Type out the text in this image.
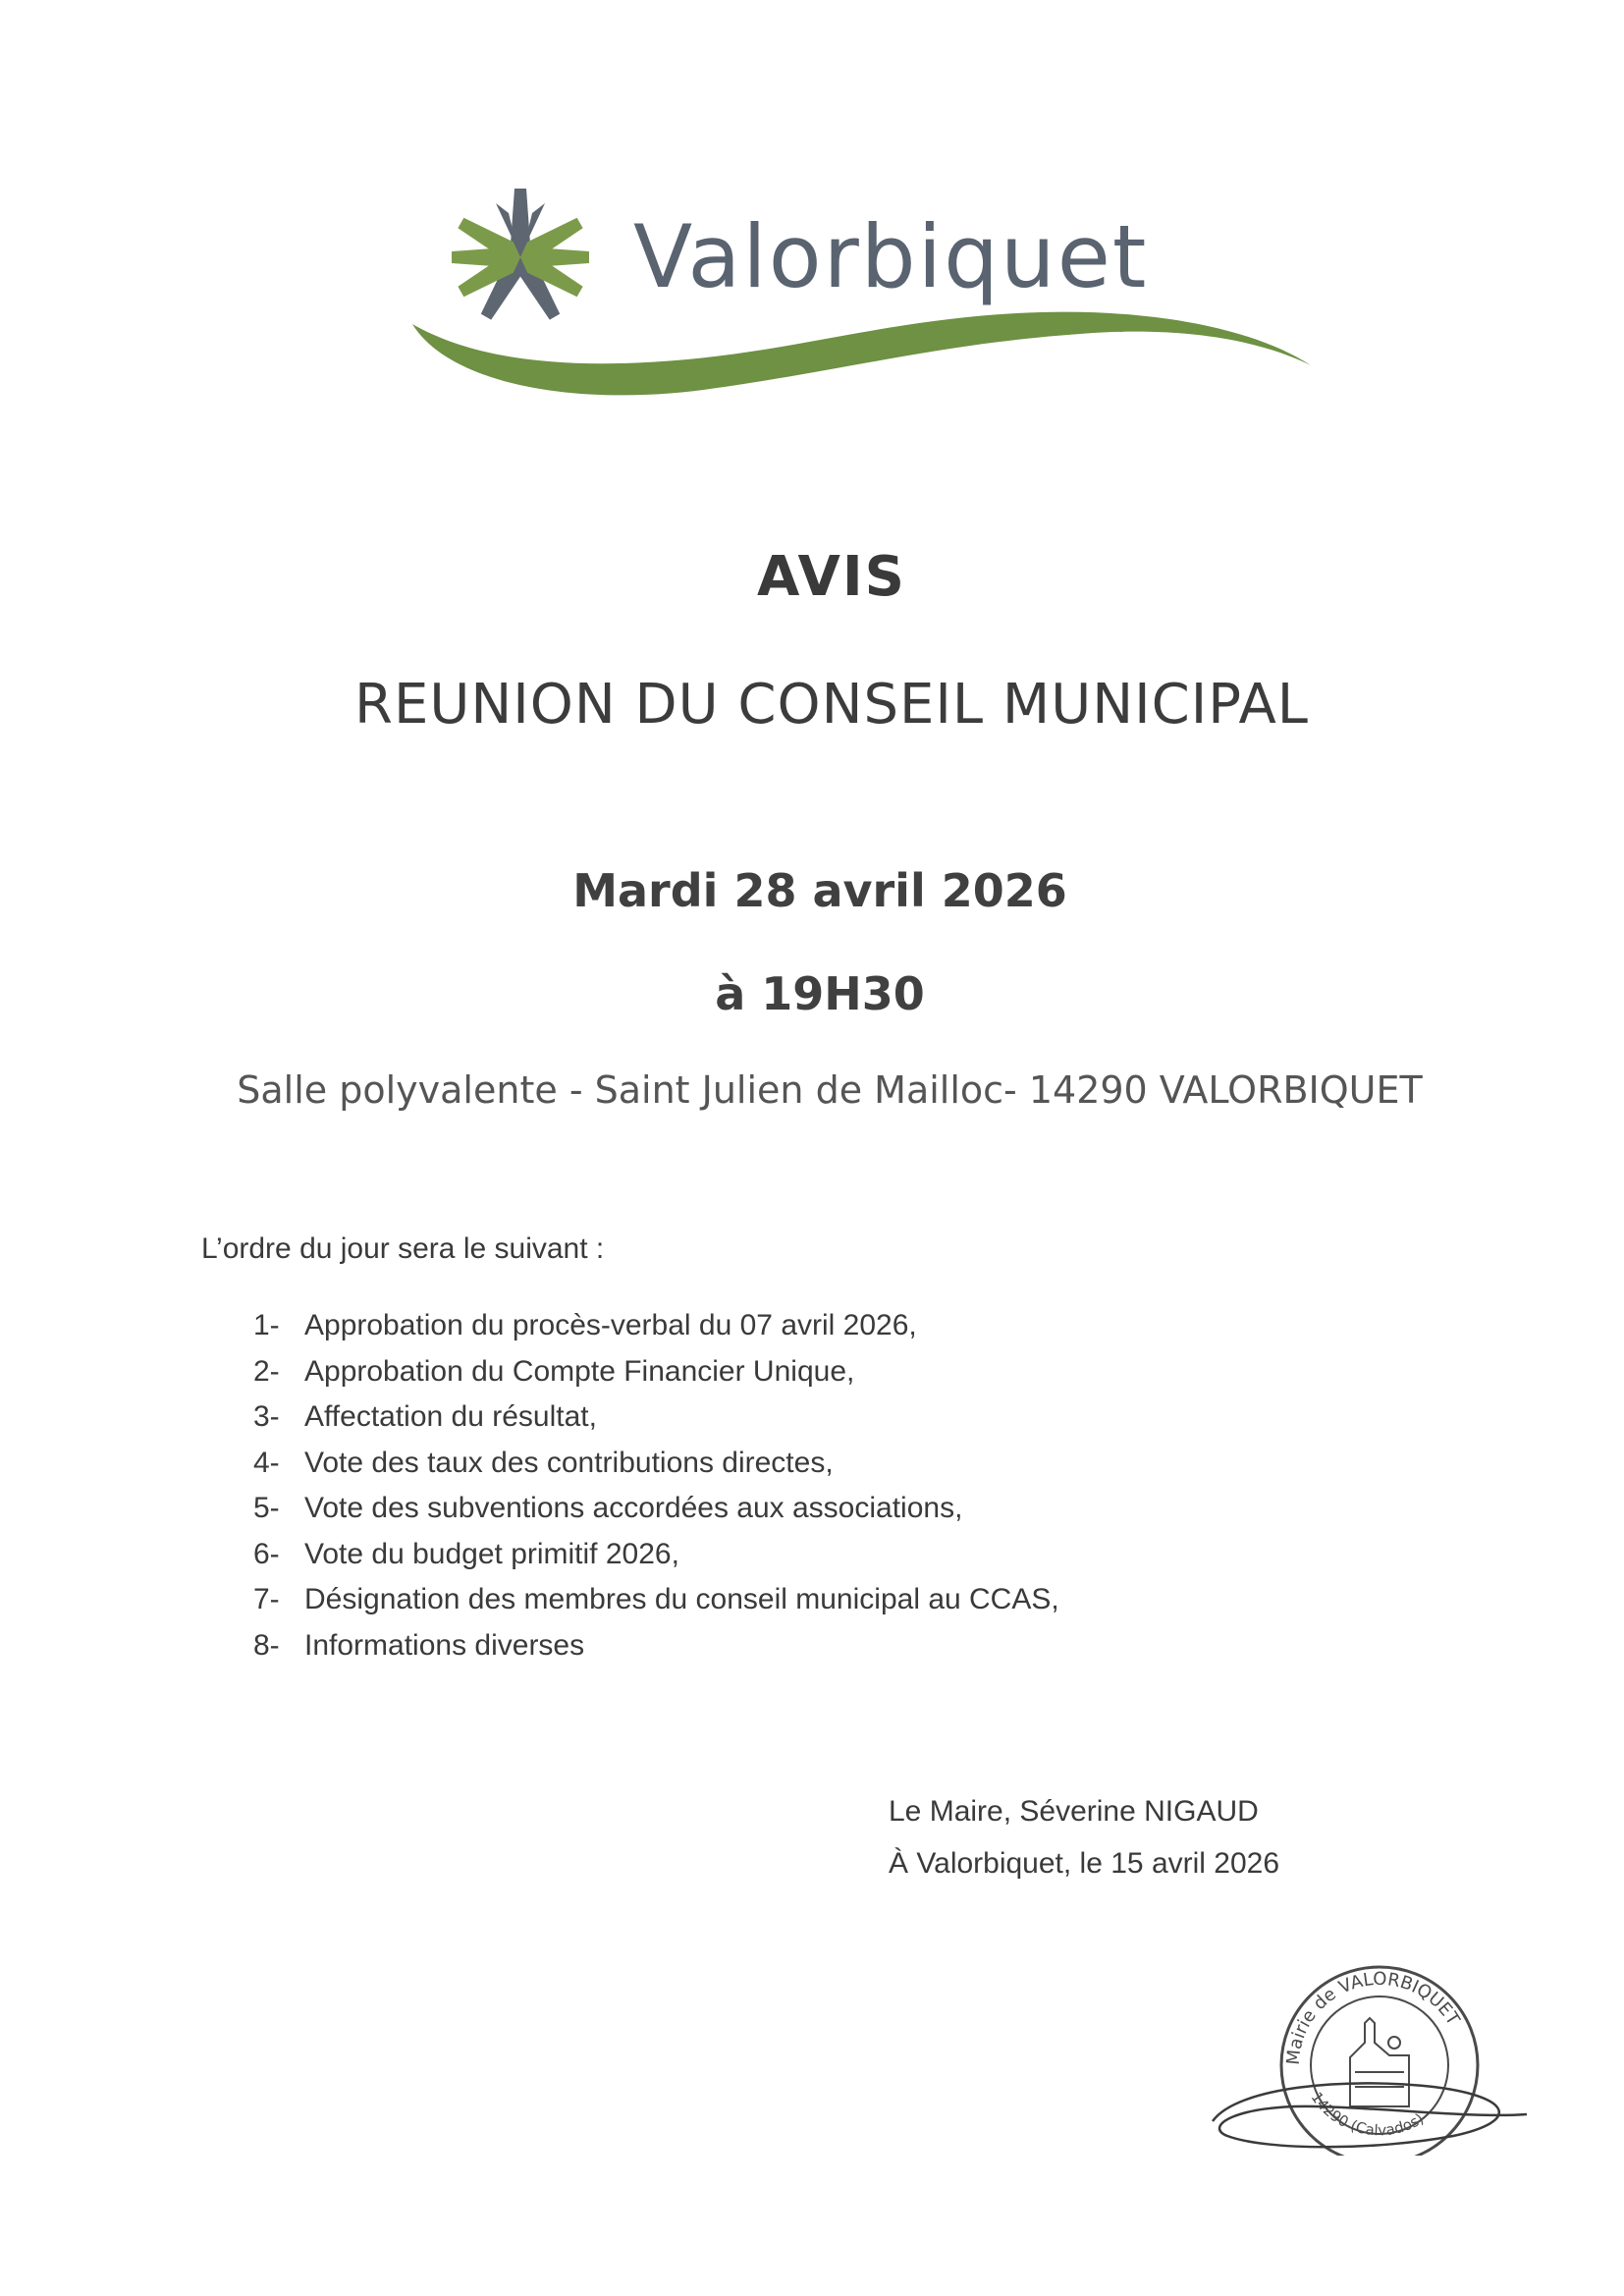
Valorbiquet
AVIS
REUNION DU CONSEIL MUNICIPAL
Mardi 28 avril 2026
à 19H30
Salle polyvalente - Saint Julien de Mailloc- 14290 VALORBIQUET
L’ordre du jour sera le suivant :
1- Approbation du procès-verbal du 07 avril 2026,
2- Approbation du Compte Financier Unique,
3- Affectation du résultat,
4- Vote des taux des contributions directes,
5- Vote des subventions accordées aux associations,
6- Vote du budget primitif 2026,
7- Désignation des membres du conseil municipal au CCAS,
8- Informations diverses
Le Maire, Séverine NIGAUD
À Valorbiquet, le 15 avril 2026
Mairie de VALORBIQUET
14290 (Calvados)
